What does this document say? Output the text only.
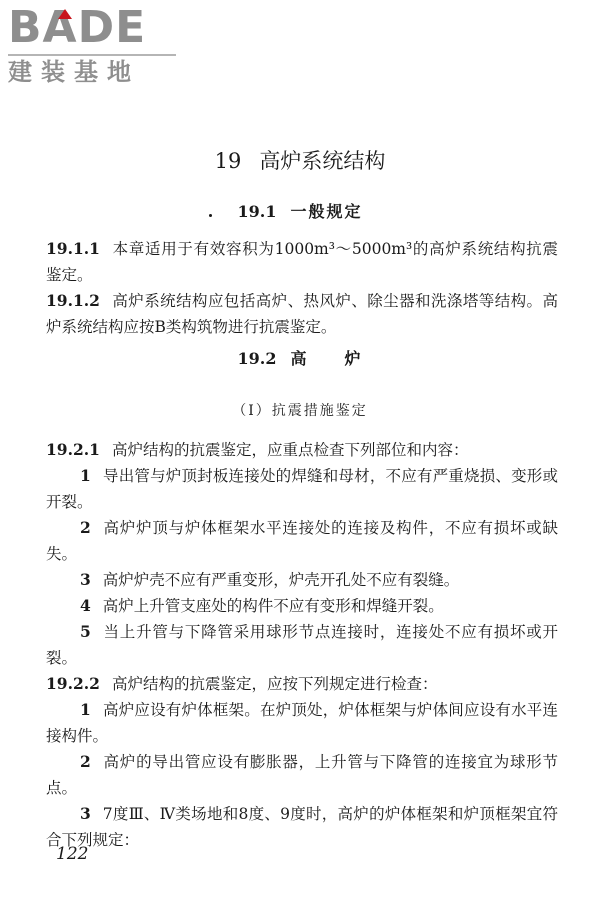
BADE
建装基地
19 高炉系统结构
19.1 一般规定
19.1.1 本章适用于有效容积为1000m³～5000m³的高炉系统结构抗震鉴定。
19.1.2 高炉系统结构应包括高炉、热风炉、除尘器和洗涤塔等结构。高炉系统结构应按B类构筑物进行抗震鉴定。
19.2 高　　炉
（Ⅰ）抗震措施鉴定
19.2.1 高炉结构的抗震鉴定，应重点检查下列部位和内容：
1 导出管与炉顶封板连接处的焊缝和母材，不应有严重烧损、变形或开裂。
2 高炉炉顶与炉体框架水平连接处的连接及构件，不应有损坏或缺失。
3 高炉炉壳不应有严重变形，炉壳开孔处不应有裂缝。
4 高炉上升管支座处的构件不应有变形和焊缝开裂。
5 当上升管与下降管采用球形节点连接时，连接处不应有损坏或开裂。
19.2.2 高炉结构的抗震鉴定，应按下列规定进行检查：
1 高炉应设有炉体框架。在炉顶处，炉体框架与炉体间应设有水平连接构件。
2 高炉的导出管应设有膨胀器，上升管与下降管的连接宜为球形节点。
3 7度Ⅲ、Ⅳ类场地和8度、9度时，高炉的炉体框架和炉顶框架宜符合下列规定：
122
